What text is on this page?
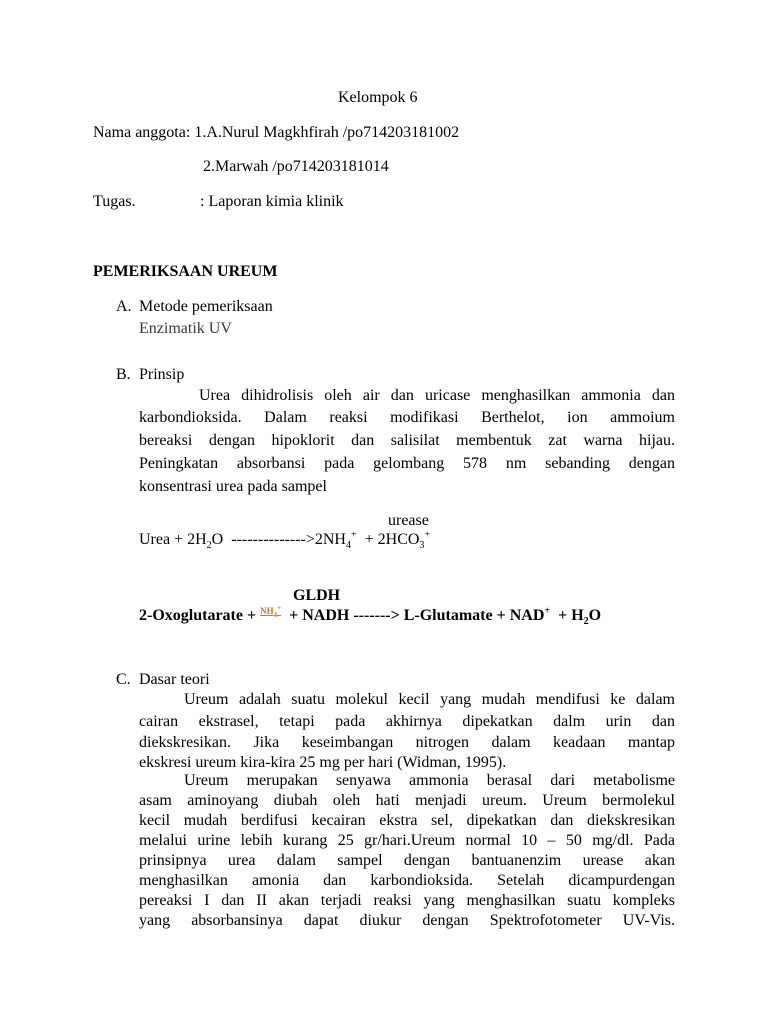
Kelompok 6
Nama anggota: 1.A.Nurul Magkhfirah /po714203181002
2.Marwah /po714203181014
Tugas.	: Laporan kimia klinik
PEMERIKSAAN UREUM
A. Metode pemeriksaan
Enzimatik UV
B. Prinsip
Urea dihidrolisis oleh air dan uricase menghasilkan ammonia dan
karbondioksida. Dalam reaksi modifikasi Berthelot, ion ammoium
bereaksi dengan hipoklorit dan salisilat membentuk zat warna hijau.
Peningkatan absorbansi pada gelombang 578 nm sebanding dengan
konsentrasi urea pada sampel
urease
Urea + $2H_2O$ $-------------->2NH_4^+ + 2HCO_3^+$
GLDH
2-Oxoglutarate + $^{NH_4^+}$ + NADH -------> L-Glutamate + $NAD^+ + H_2O$
C. Dasar teori
Ureum adalah suatu molekul kecil yang mudah mendifusi ke dalam
cairan ekstrasel, tetapi pada akhirnya dipekatkan dalm urin dan
diekskresikan. Jika keseimbangan nitrogen dalam keadaan mantap
ekskresi ureum kira-kira 25 mg per hari (Widman, 1995).
Ureum merupakan senyawa ammonia berasal dari metabolisme
asam aminoyang diubah oleh hati menjadi ureum. Ureum bermolekul
kecil mudah berdifusi kecairan ekstra sel, dipekatkan dan diekskresikan
melalui urine lebih kurang 25 gr/hari.Ureum normal 10 – 50 mg/dl. Pada
prinsipnya urea dalam sampel dengan bantuanenzim urease akan
menghasilkan amonia dan karbondioksida. Setelah dicampurdengan
pereaksi I dan II akan terjadi reaksi yang menghasilkan suatu kompleks
yang absorbansinya dapat diukur dengan Spektrofotometer UV-Vis.
